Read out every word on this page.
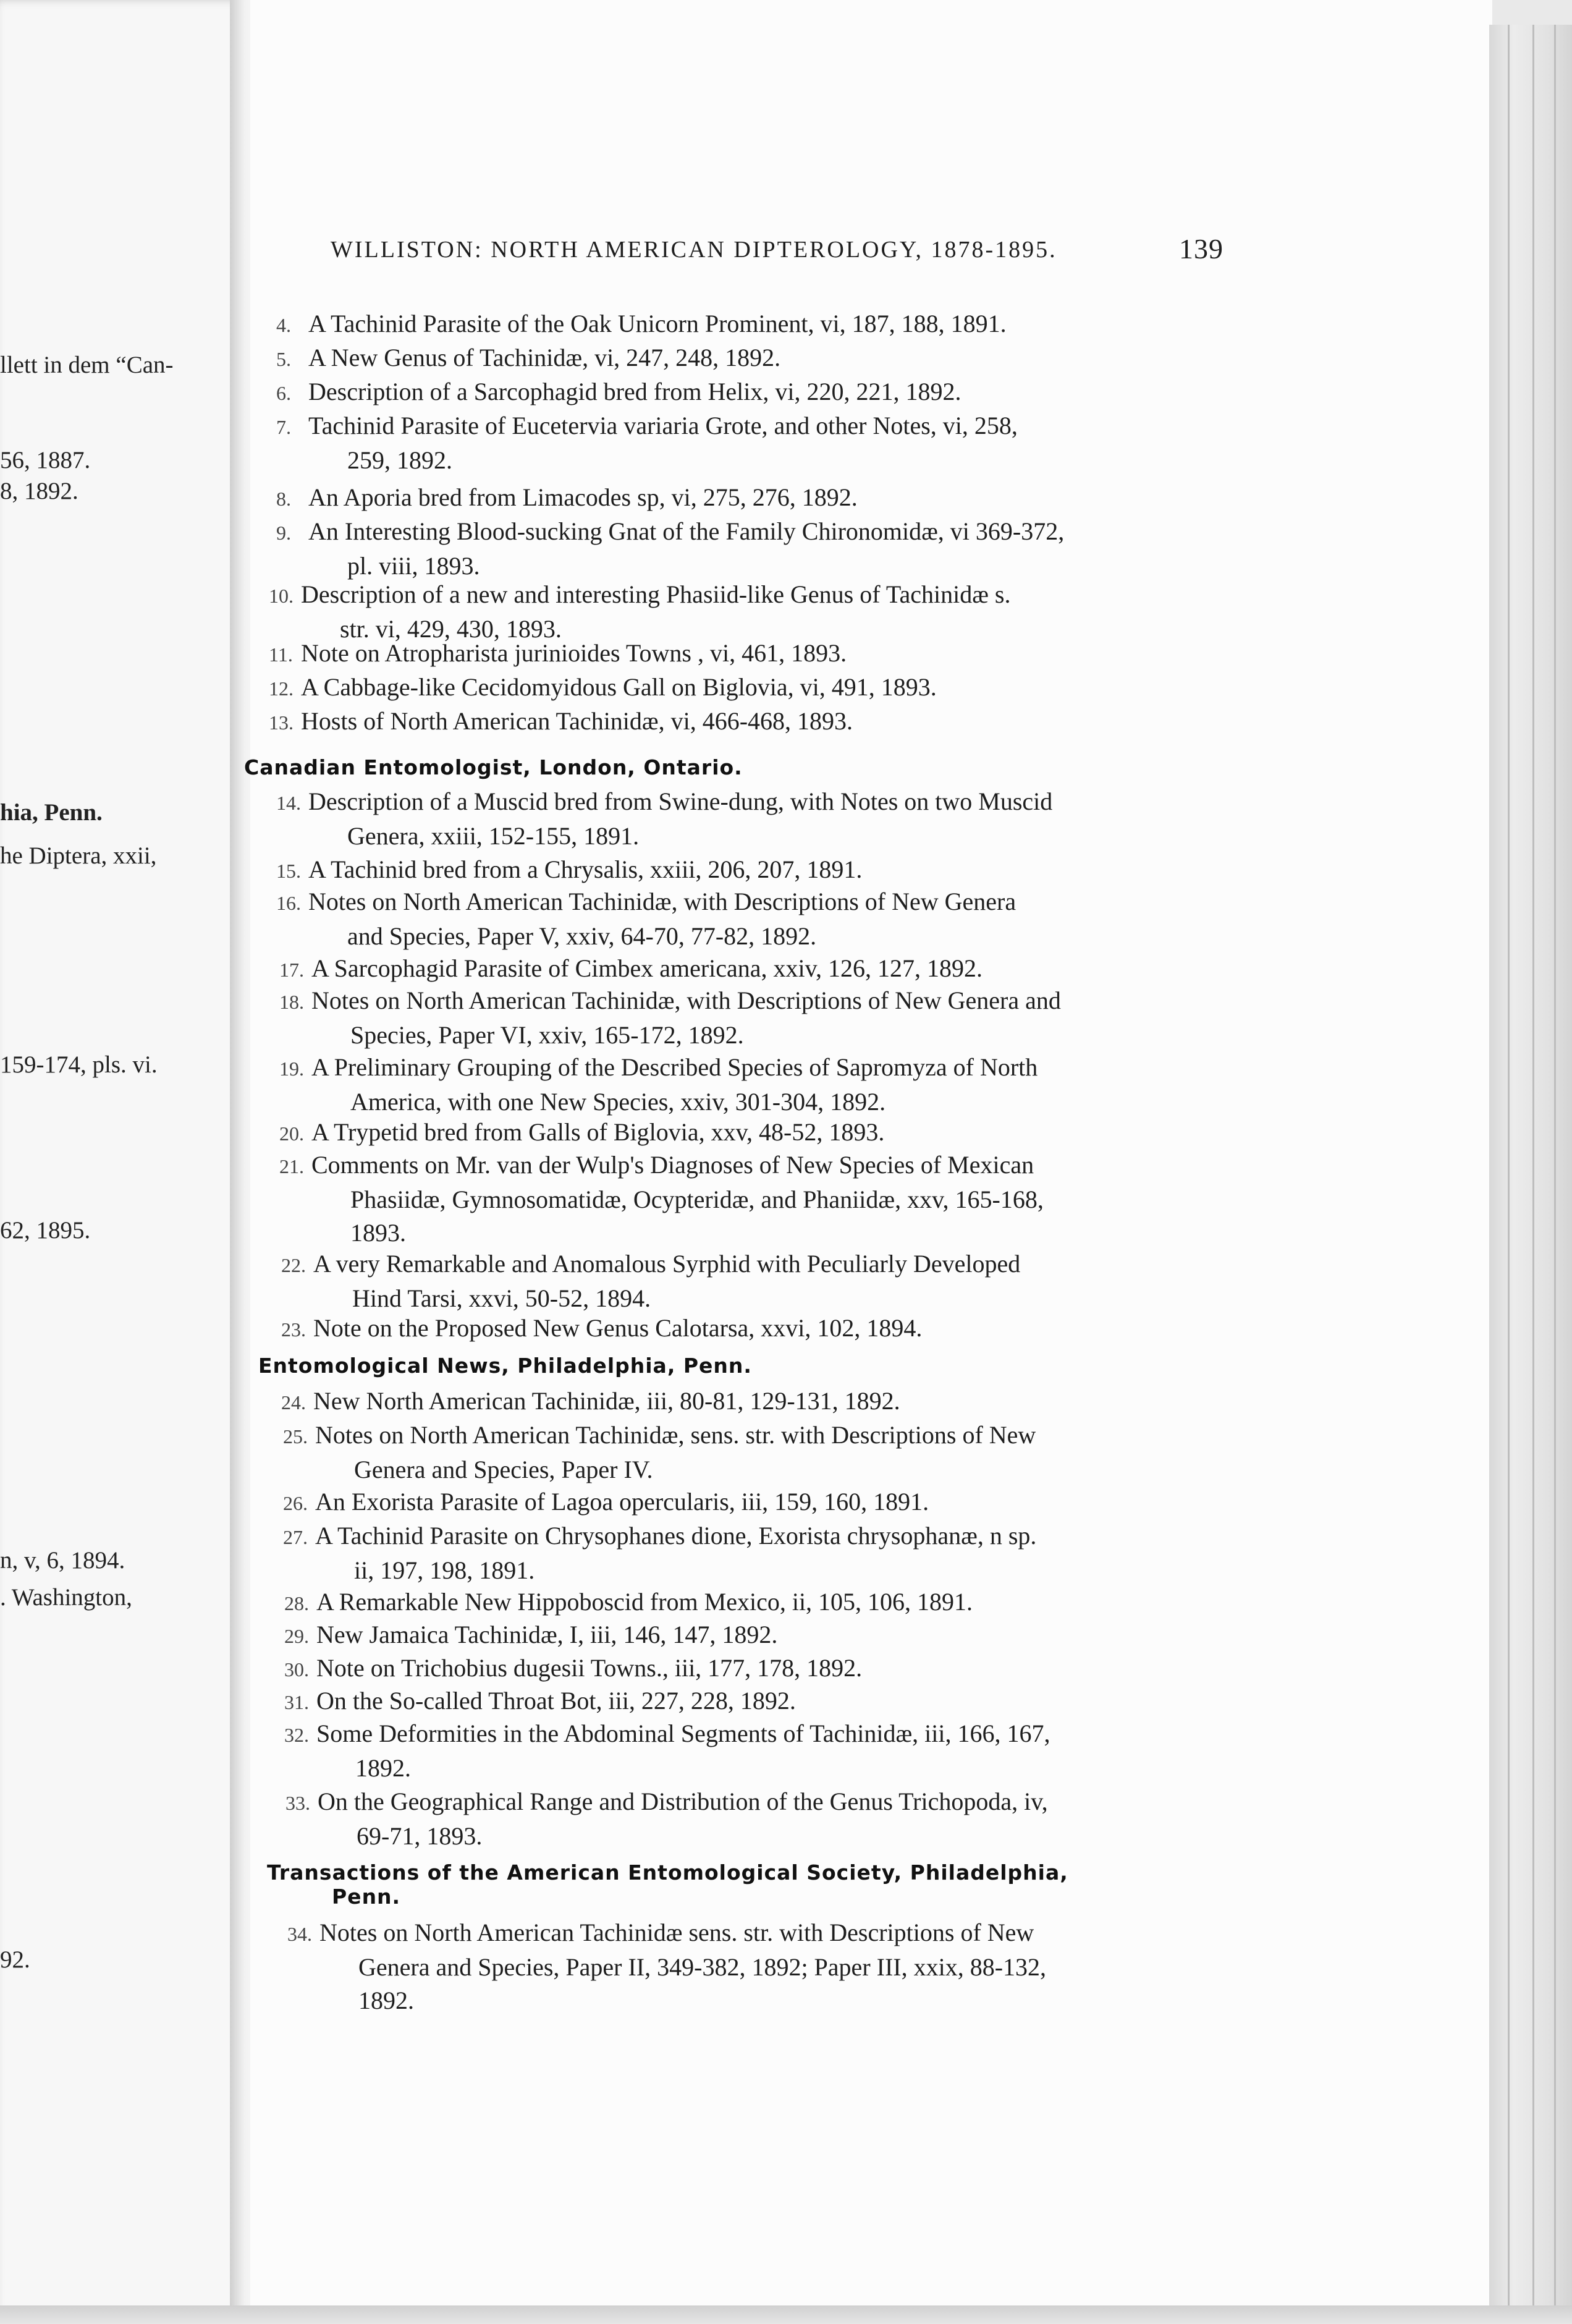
llett in dem “Can-
56, 1887.
8, 1892.
hia, Penn.
he Diptera, xxii,
159-174, pls. vi.
62, 1895.
n, v, 6, 1894.
. Washington,
92.
WILLISTON: NORTH AMERICAN DIPTEROLOGY, 1878-1895.	139
4. A Tachinid Parasite of the Oak Unicorn Prominent, vi, 187, 188, 1891.
5. A New Genus of Tachinidæ, vi, 247, 248, 1892.
6. Description of a Sarcophagid bred from Helix, vi, 220, 221, 1892.
7. Tachinid Parasite of Eucetervia variaria Grote, and other Notes, vi, 258,
259, 1892.
8. An Aporia bred from Limacodes sp, vi, 275, 276, 1892.
9. An Interesting Blood-sucking Gnat of the Family Chironomidæ, vi 369-372,
pl. viii, 1893.
10. Description of a new and interesting Phasiid-like Genus of Tachinidæ s.
str. vi, 429, 430, 1893.
11. Note on Atropharista jurinioides Towns , vi, 461, 1893.
12. A Cabbage-like Cecidomyidous Gall on Biglovia, vi, 491, 1893.
13. Hosts of North American Tachinidæ, vi, 466-468, 1893.
Canadian Entomologist, London, Ontario.
14. Description of a Muscid bred from Swine-dung, with Notes on two Muscid
Genera, xxiii, 152-155, 1891.
15. A Tachinid bred from a Chrysalis, xxiii, 206, 207, 1891.
16. Notes on North American Tachinidæ, with Descriptions of New Genera
and Species, Paper V, xxiv, 64-70, 77-82, 1892.
17. A Sarcophagid Parasite of Cimbex americana, xxiv, 126, 127, 1892.
18. Notes on North American Tachinidæ, with Descriptions of New Genera and
Species, Paper VI, xxiv, 165-172, 1892.
19. A Preliminary Grouping of the Described Species of Sapromyza of North
America, with one New Species, xxiv, 301-304, 1892.
20. A Trypetid bred from Galls of Biglovia, xxv, 48-52, 1893.
21. Comments on Mr. van der Wulp's Diagnoses of New Species of Mexican
Phasiidæ, Gymnosomatidæ, Ocypteridæ, and Phaniidæ, xxv, 165-168,
1893.
22. A very Remarkable and Anomalous Syrphid with Peculiarly Developed
Hind Tarsi, xxvi, 50-52, 1894.
23. Note on the Proposed New Genus Calotarsa, xxvi, 102, 1894.
Entomological News, Philadelphia, Penn.
24. New North American Tachinidæ, iii, 80-81, 129-131, 1892.
25. Notes on North American Tachinidæ, sens. str. with Descriptions of New
Genera and Species, Paper IV.
26. An Exorista Parasite of Lagoa opercularis, iii, 159, 160, 1891.
27. A Tachinid Parasite on Chrysophanes dione, Exorista chrysophanæ, n sp.
ii, 197, 198, 1891.
28. A Remarkable New Hippoboscid from Mexico, ii, 105, 106, 1891.
29. New Jamaica Tachinidæ, I, iii, 146, 147, 1892.
30. Note on Trichobius dugesii Towns., iii, 177, 178, 1892.
31. On the So-called Throat Bot, iii, 227, 228, 1892.
32. Some Deformities in the Abdominal Segments of Tachinidæ, iii, 166, 167,
1892.
33. On the Geographical Range and Distribution of the Genus Trichopoda, iv,
69-71, 1893.
Transactions of the American Entomological Society, Philadelphia,
Penn.
34. Notes on North American Tachinidæ sens. str. with Descriptions of New
Genera and Species, Paper II, 349-382, 1892; Paper III, xxix, 88-132,
1892.
